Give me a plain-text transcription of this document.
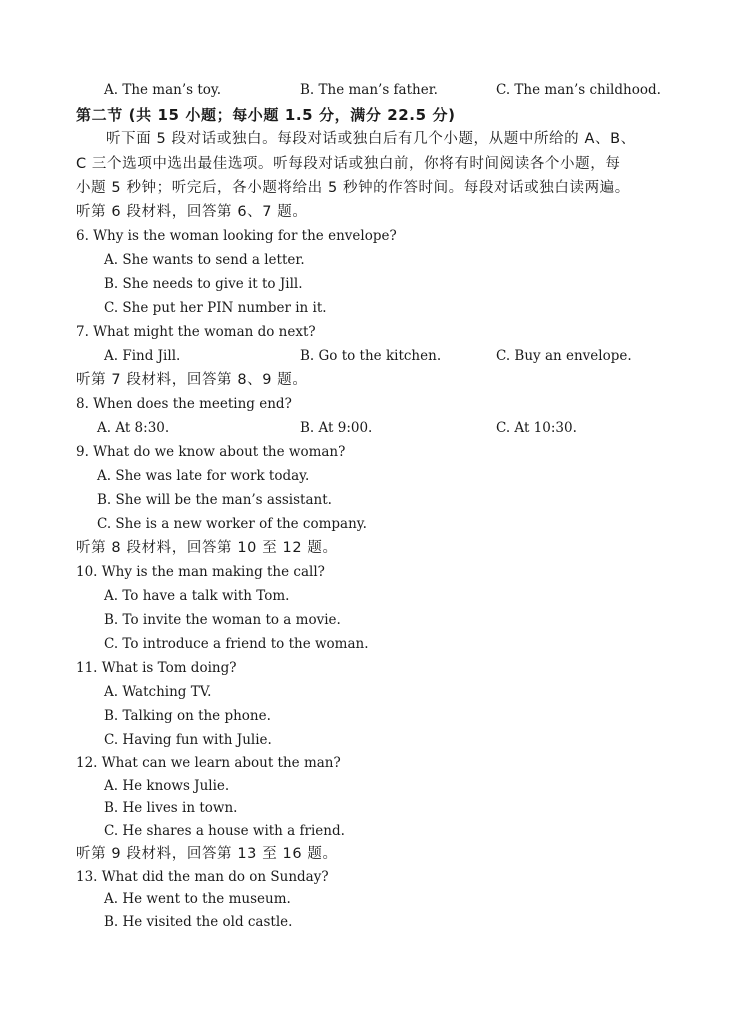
A. The man’s toy.	B. The man’s father.	C. The man’s childhood.
第二节 (共 15 小题；每小题 1.5 分，满分 22.5 分)
听下面 5 段对话或独白。每段对话或独白后有几个小题，从题中所给的 A、B、
C 三个选项中选出最佳选项。听每段对话或独白前，你将有时间阅读各个小题，每
小题 5 秒钟；听完后，各小题将给出 5 秒钟的作答时间。每段对话或独白读两遍。
听第 6 段材料，回答第 6、7 题。
6. Why is the woman looking for the envelope?
A. She wants to send a letter.
B. She needs to give it to Jill.
C. She put her PIN number in it.
7. What might the woman do next?
A. Find Jill.	B. Go to the kitchen.	C. Buy an envelope.
听第 7 段材料，回答第 8、9 题。
8. When does the meeting end?
A. At 8:30.	B. At 9:00.	C. At 10:30.
9. What do we know about the woman?
A. She was late for work today.
B. She will be the man’s assistant.
C. She is a new worker of the company.
听第 8 段材料，回答第 10 至 12 题。
10. Why is the man making the call?
A. To have a talk with Tom.
B. To invite the woman to a movie.
C. To introduce a friend to the woman.
11. What is Tom doing?
A. Watching TV.
B. Talking on the phone.
C. Having fun with Julie.
12. What can we learn about the man?
A. He knows Julie.
B. He lives in town.
C. He shares a house with a friend.
听第 9 段材料，回答第 13 至 16 题。
13. What did the man do on Sunday?
A. He went to the museum.
B. He visited the old castle.
